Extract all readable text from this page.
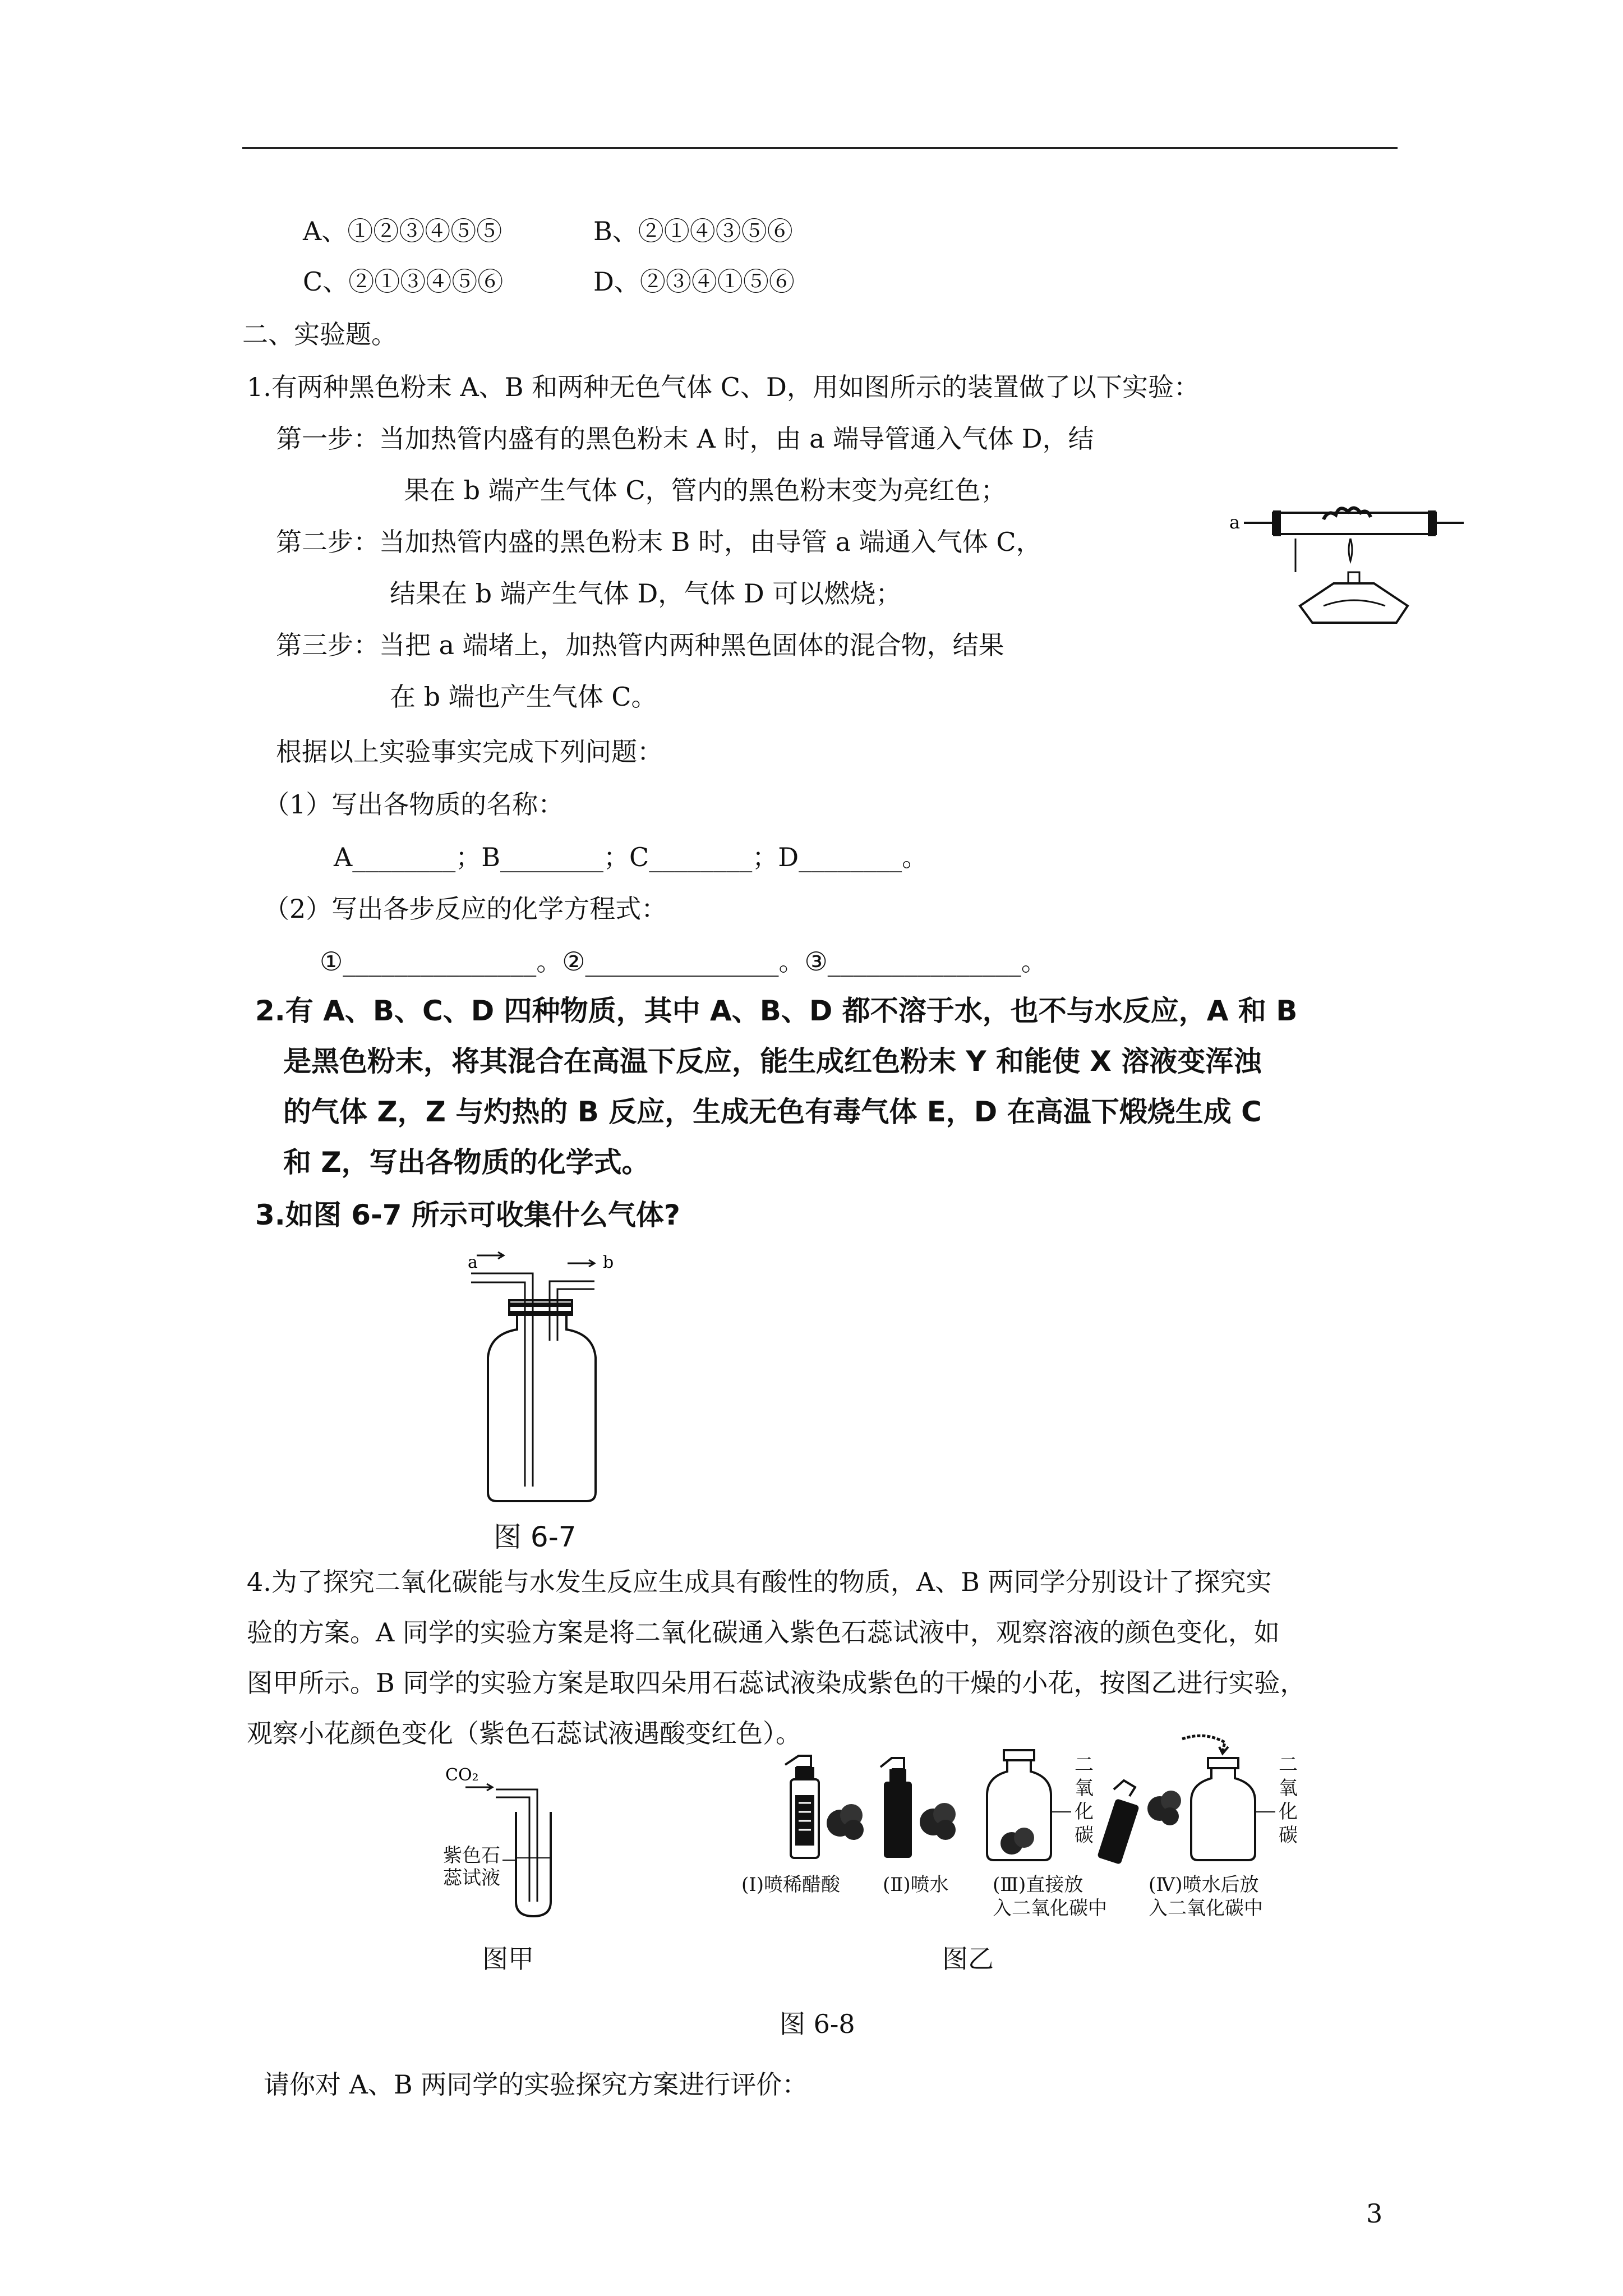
A、①②③④⑤⑤	B、②①④③⑤⑥
C、②①③④⑤⑥	D、②③④①⑤⑥
二、实验题。
1.有两种黑色粉末 A、B 和两种无色气体 C、D，用如图所示的装置做了以下实验：
第一步：当加热管内盛有的黑色粉末 A 时，由 a 端导管通入气体 D，结
果在 b 端产生气体 C，管内的黑色粉末变为亮红色；
第二步：当加热管内盛的黑色粉末 B 时，由导管 a 端通入气体 C，
结果在 b 端产生气体 D，气体 D 可以燃烧；
第三步：当把 a 端堵上，加热管内两种黑色固体的混合物，结果
在 b 端也产生气体 C。
根据以上实验事实完成下列问题：
（1）写出各物质的名称：
A________；B________；C________；D________。
（2）写出各步反应的化学方程式：
①_______________。②_______________。③_______________。
a
2.有 A、B、C、D 四种物质，其中 A、B、D 都不溶于水，也不与水反应，A 和 B
是黑色粉末，将其混合在高温下反应，能生成红色粉末 Y 和能使 X 溶液变浑浊
的气体 Z，Z 与灼热的 B 反应，生成无色有毒气体 E，D 在高温下煅烧生成 C
和 Z，写出各物质的化学式。
3.如图 6-7 所示可收集什么气体?
a	b
图 6-7
4.为了探究二氧化碳能与水发生反应生成具有酸性的物质，A、B 两同学分别设计了探究实
验的方案。A 同学的实验方案是将二氧化碳通入紫色石蕊试液中，观察溶液的颜色变化，如
图甲所示。B 同学的实验方案是取四朵用石蕊试液染成紫色的干燥的小花，按图乙进行实验，
观察小花颜色变化（紫色石蕊试液遇酸变红色）。
CO₂
紫色石
蕊试液
二氧化碳
二氧化碳
(Ⅰ)喷稀醋酸 (Ⅱ)喷水 (Ⅲ)直接放
入二氧化碳中
(Ⅳ)喷水后放
入二氧化碳中
图甲	图乙
图 6-8
请你对 A、B 两同学的实验探究方案进行评价：
3
